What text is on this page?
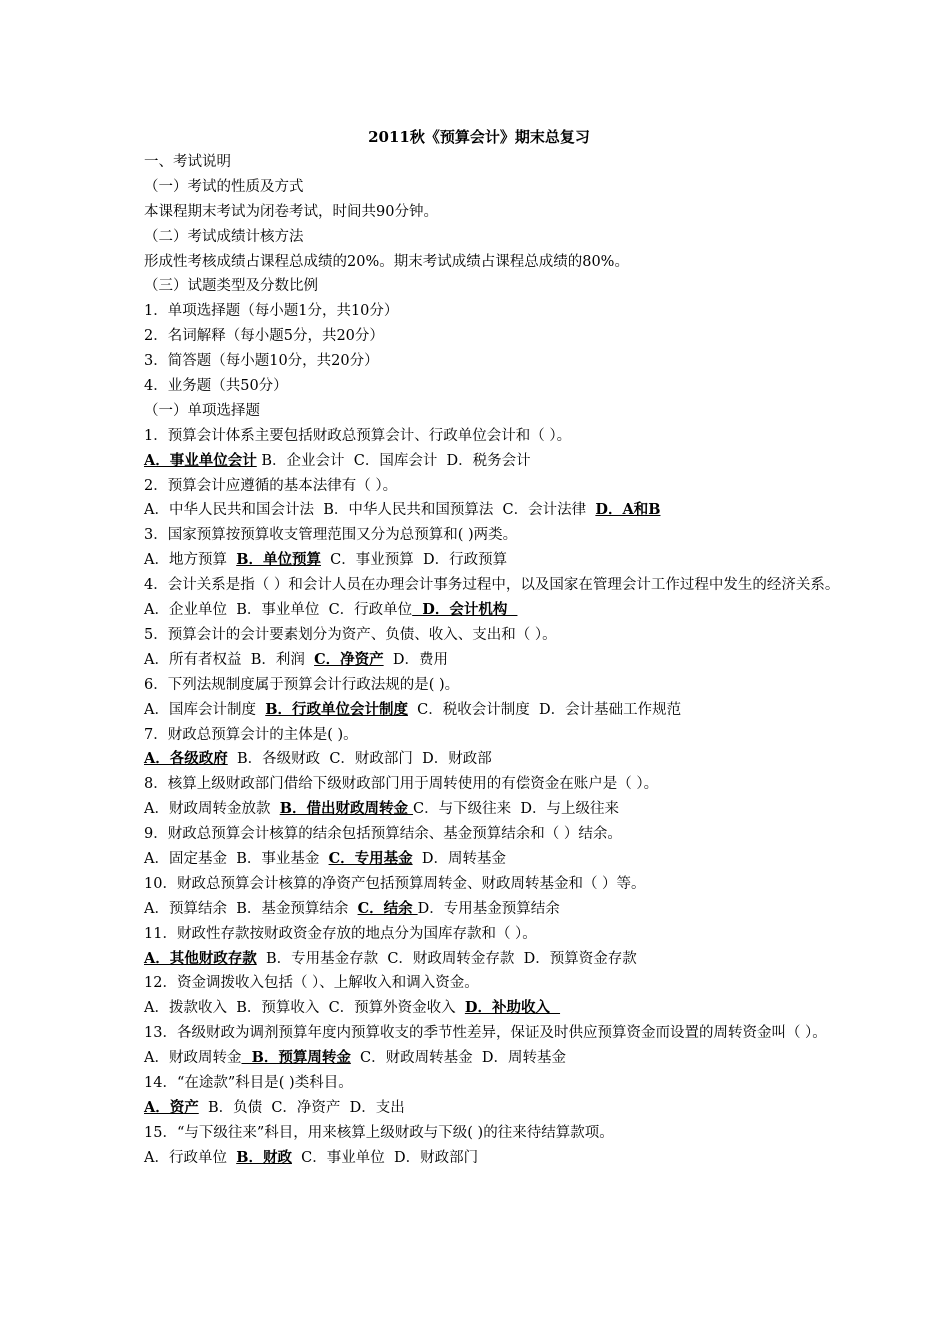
2011秋《预算会计》期末总复习
一、考试说明
（一）考试的性质及方式
本课程期末考试为闭卷考试，时间共90分钟。
（二）考试成绩计核方法
形成性考核成绩占课程总成绩的20%。期末考试成绩占课程总成绩的80%。
（三）试题类型及分数比例
1．单项选择题（每小题1分，共10分）
2．名词解释（每小题5分，共20分）
3．简答题（每小题10分，共20分）
4．业务题（共50分）
（一）单项选择题
1．预算会计体系主要包括财政总预算会计、行政单位会计和（ ）。
A．事业单位会计 B．企业会计  C．国库会计  D．税务会计
2．预算会计应遵循的基本法律有（ ）。
A．中华人民共和国会计法  B．中华人民共和国预算法  C．会计法律  D．A和B
3．国家预算按预算收支管理范围又分为总预算和( )两类。
A．地方预算  B．单位预算  C．事业预算  D．行政预算
4．会计关系是指（ ）和会计人员在办理会计事务过程中，以及国家在管理会计工作过程中发生的经济关系。
A．企业单位  B．事业单位  C．行政单位  D．会计机构
5．预算会计的会计要素划分为资产、负债、收入、支出和（ ）。
A．所有者权益  B．利润  C．净资产  D．费用
6．下列法规制度属于预算会计行政法规的是( )。
A．国库会计制度  B．行政单位会计制度  C．税收会计制度  D．会计基础工作规范
7．财政总预算会计的主体是( )。
A．各级政府  B．各级财政  C．财政部门  D．财政部
8．核算上级财政部门借给下级财政部门用于周转使用的有偿资金在账户是（ ）。
A．财政周转金放款  B．借出财政周转金 C．与下级往来  D．与上级往来
9．财政总预算会计核算的结余包括预算结余、基金预算结余和（ ）结余。
A．固定基金  B．事业基金  C．专用基金  D．周转基金
10．财政总预算会计核算的净资产包括预算周转金、财政周转基金和（ ）等。
A．预算结余  B．基金预算结余  C．结余 D．专用基金预算结余
11．财政性存款按财政资金存放的地点分为国库存款和（ ）。
A．其他财政存款  B．专用基金存款  C．财政周转金存款  D．预算资金存款
12．资金调拨收入包括（ ）、上解收入和调入资金。
A．拨款收入  B．预算收入  C．预算外资金收入  D．补助收入
13．各级财政为调剂预算年度内预算收支的季节性差异，保证及时供应预算资金而设置的周转资金叫（ ）。
A．财政周转金  B．预算周转金  C．财政周转基金  D．周转基金
14．“在途款”科目是( )类科目。
A．资产  B．负债  C．净资产  D．支出
15．“与下级往来”科目，用来核算上级财政与下级( )的往来待结算款项。
A．行政单位  B．财政  C．事业单位  D．财政部门
